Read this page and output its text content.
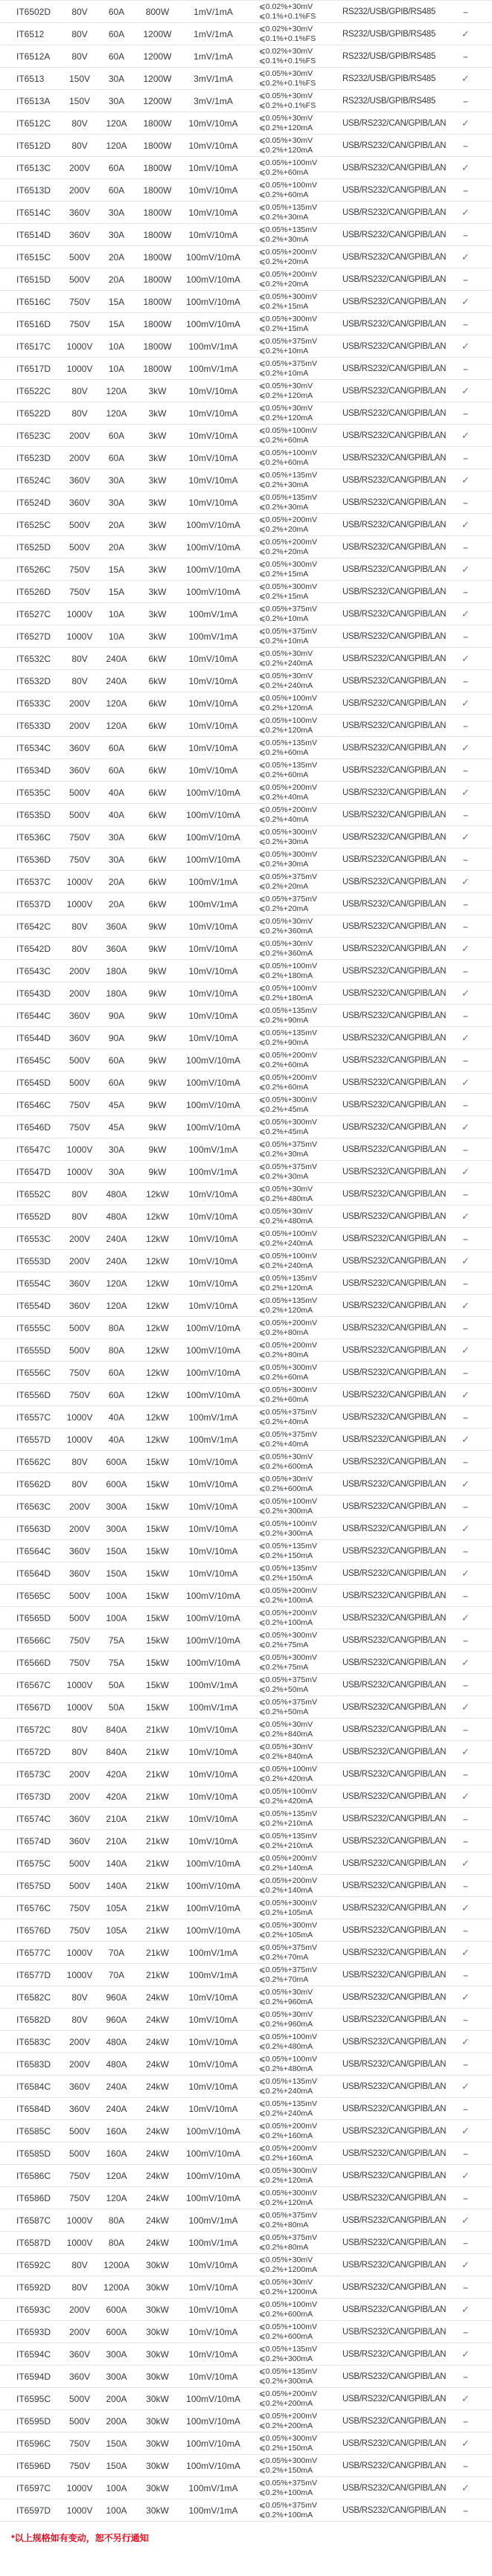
IT6502D	80V	60A	800W	1mV/1mA	⩽0.02%+30mV
⩽0.1%+0.1%FS	RS232/USB/GPIB/RS485	–
IT6512	80V	60A	1200W	1mV/1mA	⩽0.02%+30mV
⩽0.1%+0.1%FS	RS232/USB/GPIB/RS485	✓
IT6512A	80V	60A	1200W	1mV/1mA	⩽0.02%+30mV
⩽0.1%+0.1%FS	RS232/USB/GPIB/RS485	–
IT6513	150V	30A	1200W	3mV/1mA	⩽0.05%+30mV
⩽0.2%+0.1%FS	RS232/USB/GPIB/RS485	✓
IT6513A	150V	30A	1200W	3mV/1mA	⩽0.05%+30mV
⩽0.2%+0.1%FS	RS232/USB/GPIB/RS485	–
IT6512C	80V	120A	1800W	10mV/10mA	⩽0.05%+30mV
⩽0.2%+120mA	USB/RS232/CAN/GPIB/LAN	✓
IT6512D	80V	120A	1800W	10mV/10mA	⩽0.05%+30mV
⩽0.2%+120mA	USB/RS232/CAN/GPIB/LAN	–
IT6513C	200V	60A	1800W	10mV/10mA	⩽0.05%+100mV
⩽0.2%+60mA	USB/RS232/CAN/GPIB/LAN	✓
IT6513D	200V	60A	1800W	10mV/10mA	⩽0.05%+100mV
⩽0.2%+60mA	USB/RS232/CAN/GPIB/LAN	–
IT6514C	360V	30A	1800W	10mV/10mA	⩽0.05%+135mV
⩽0.2%+30mA	USB/RS232/CAN/GPIB/LAN	✓
IT6514D	360V	30A	1800W	10mV/10mA	⩽0.05%+135mV
⩽0.2%+30mA	USB/RS232/CAN/GPIB/LAN	–
IT6515C	500V	20A	1800W	100mV/10mA	⩽0.05%+200mV
⩽0.2%+20mA	USB/RS232/CAN/GPIB/LAN	✓
IT6515D	500V	20A	1800W	100mV/10mA	⩽0.05%+200mV
⩽0.2%+20mA	USB/RS232/CAN/GPIB/LAN	–
IT6516C	750V	15A	1800W	100mV/10mA	⩽0.05%+300mV
⩽0.2%+15mA	USB/RS232/CAN/GPIB/LAN	✓
IT6516D	750V	15A	1800W	100mV/10mA	⩽0.05%+300mV
⩽0.2%+15mA	USB/RS232/CAN/GPIB/LAN	–
IT6517C	1000V	10A	1800W	100mV/1mA	⩽0.05%+375mV
⩽0.2%+10mA	USB/RS232/CAN/GPIB/LAN	✓
IT6517D	1000V	10A	1800W	100mV/1mA	⩽0.05%+375mV
⩽0.2%+10mA	USB/RS232/CAN/GPIB/LAN	–
IT6522C	80V	120A	3kW	10mV/10mA	⩽0.05%+30mV
⩽0.2%+120mA	USB/RS232/CAN/GPIB/LAN	✓
IT6522D	80V	120A	3kW	10mV/10mA	⩽0.05%+30mV
⩽0.2%+120mA	USB/RS232/CAN/GPIB/LAN	–
IT6523C	200V	60A	3kW	10mV/10mA	⩽0.05%+100mV
⩽0.2%+60mA	USB/RS232/CAN/GPIB/LAN	✓
IT6523D	200V	60A	3kW	10mV/10mA	⩽0.05%+100mV
⩽0.2%+60mA	USB/RS232/CAN/GPIB/LAN	–
IT6524C	360V	30A	3kW	10mV/10mA	⩽0.05%+135mV
⩽0.2%+30mA	USB/RS232/CAN/GPIB/LAN	✓
IT6524D	360V	30A	3kW	10mV/10mA	⩽0.05%+135mV
⩽0.2%+30mA	USB/RS232/CAN/GPIB/LAN	–
IT6525C	500V	20A	3kW	100mV/10mA	⩽0.05%+200mV
⩽0.2%+20mA	USB/RS232/CAN/GPIB/LAN	✓
IT6525D	500V	20A	3kW	100mV/10mA	⩽0.05%+200mV
⩽0.2%+20mA	USB/RS232/CAN/GPIB/LAN	–
IT6526C	750V	15A	3kW	100mV/10mA	⩽0.05%+300mV
⩽0.2%+15mA	USB/RS232/CAN/GPIB/LAN	✓
IT6526D	750V	15A	3kW	100mV/10mA	⩽0.05%+300mV
⩽0.2%+15mA	USB/RS232/CAN/GPIB/LAN	–
IT6527C	1000V	10A	3kW	100mV/1mA	⩽0.05%+375mV
⩽0.2%+10mA	USB/RS232/CAN/GPIB/LAN	✓
IT6527D	1000V	10A	3kW	100mV/1mA	⩽0.05%+375mV
⩽0.2%+10mA	USB/RS232/CAN/GPIB/LAN	–
IT6532C	80V	240A	6kW	10mV/10mA	⩽0.05%+30mV
⩽0.2%+240mA	USB/RS232/CAN/GPIB/LAN	✓
IT6532D	80V	240A	6kW	10mV/10mA	⩽0.05%+30mV
⩽0.2%+240mA	USB/RS232/CAN/GPIB/LAN	–
IT6533C	200V	120A	6kW	10mV/10mA	⩽0.05%+100mV
⩽0.2%+120mA	USB/RS232/CAN/GPIB/LAN	✓
IT6533D	200V	120A	6kW	10mV/10mA	⩽0.05%+100mV
⩽0.2%+120mA	USB/RS232/CAN/GPIB/LAN	–
IT6534C	360V	60A	6kW	10mV/10mA	⩽0.05%+135mV
⩽0.2%+60mA	USB/RS232/CAN/GPIB/LAN	✓
IT6534D	360V	60A	6kW	10mV/10mA	⩽0.05%+135mV
⩽0.2%+60mA	USB/RS232/CAN/GPIB/LAN	–
IT6535C	500V	40A	6kW	100mV/10mA	⩽0.05%+200mV
⩽0.2%+40mA	USB/RS232/CAN/GPIB/LAN	✓
IT6535D	500V	40A	6kW	100mV/10mA	⩽0.05%+200mV
⩽0.2%+40mA	USB/RS232/CAN/GPIB/LAN	–
IT6536C	750V	30A	6kW	100mV/10mA	⩽0.05%+300mV
⩽0.2%+30mA	USB/RS232/CAN/GPIB/LAN	✓
IT6536D	750V	30A	6kW	100mV/10mA	⩽0.05%+300mV
⩽0.2%+30mA	USB/RS232/CAN/GPIB/LAN	–
IT6537C	1000V	20A	6kW	100mV/1mA	⩽0.05%+375mV
⩽0.2%+20mA	USB/RS232/CAN/GPIB/LAN	✓
IT6537D	1000V	20A	6kW	100mV/1mA	⩽0.05%+375mV
⩽0.2%+20mA	USB/RS232/CAN/GPIB/LAN	–
IT6542C	80V	360A	9kW	10mV/10mA	⩽0.05%+30mV
⩽0.2%+360mA	USB/RS232/CAN/GPIB/LAN	–
IT6542D	80V	360A	9kW	10mV/10mA	⩽0.05%+30mV
⩽0.2%+360mA	USB/RS232/CAN/GPIB/LAN	✓
IT6543C	200V	180A	9kW	10mV/10mA	⩽0.05%+100mV
⩽0.2%+180mA	USB/RS232/CAN/GPIB/LAN	–
IT6543D	200V	180A	9kW	10mV/10mA	⩽0.05%+100mV
⩽0.2%+180mA	USB/RS232/CAN/GPIB/LAN	✓
IT6544C	360V	90A	9kW	10mV/10mA	⩽0.05%+135mV
⩽0.2%+90mA	USB/RS232/CAN/GPIB/LAN	–
IT6544D	360V	90A	9kW	10mV/10mA	⩽0.05%+135mV
⩽0.2%+90mA	USB/RS232/CAN/GPIB/LAN	✓
IT6545C	500V	60A	9kW	100mV/10mA	⩽0.05%+200mV
⩽0.2%+60mA	USB/RS232/CAN/GPIB/LAN	–
IT6545D	500V	60A	9kW	100mV/10mA	⩽0.05%+200mV
⩽0.2%+60mA	USB/RS232/CAN/GPIB/LAN	✓
IT6546C	750V	45A	9kW	100mV/10mA	⩽0.05%+300mV
⩽0.2%+45mA	USB/RS232/CAN/GPIB/LAN	–
IT6546D	750V	45A	9kW	100mV/10mA	⩽0.05%+300mV
⩽0.2%+45mA	USB/RS232/CAN/GPIB/LAN	✓
IT6547C	1000V	30A	9kW	100mV/1mA	⩽0.05%+375mV
⩽0.2%+30mA	USB/RS232/CAN/GPIB/LAN	–
IT6547D	1000V	30A	9kW	100mV/1mA	⩽0.05%+375mV
⩽0.2%+30mA	USB/RS232/CAN/GPIB/LAN	✓
IT6552C	80V	480A	12kW	10mV/10mA	⩽0.05%+30mV
⩽0.2%+480mA	USB/RS232/CAN/GPIB/LAN	–
IT6552D	80V	480A	12kW	10mV/10mA	⩽0.05%+30mV
⩽0.2%+480mA	USB/RS232/CAN/GPIB/LAN	✓
IT6553C	200V	240A	12kW	10mV/10mA	⩽0.05%+100mV
⩽0.2%+240mA	USB/RS232/CAN/GPIB/LAN	–
IT6553D	200V	240A	12kW	10mV/10mA	⩽0.05%+100mV
⩽0.2%+240mA	USB/RS232/CAN/GPIB/LAN	✓
IT6554C	360V	120A	12kW	10mV/10mA	⩽0.05%+135mV
⩽0.2%+120mA	USB/RS232/CAN/GPIB/LAN	–
IT6554D	360V	120A	12kW	10mV/10mA	⩽0.05%+135mV
⩽0.2%+120mA	USB/RS232/CAN/GPIB/LAN	✓
IT6555C	500V	80A	12kW	100mV/10mA	⩽0.05%+200mV
⩽0.2%+80mA	USB/RS232/CAN/GPIB/LAN	–
IT6555D	500V	80A	12kW	100mV/10mA	⩽0.05%+200mV
⩽0.2%+80mA	USB/RS232/CAN/GPIB/LAN	✓
IT6556C	750V	60A	12kW	100mV/10mA	⩽0.05%+300mV
⩽0.2%+60mA	USB/RS232/CAN/GPIB/LAN	–
IT6556D	750V	60A	12kW	100mV/10mA	⩽0.05%+300mV
⩽0.2%+60mA	USB/RS232/CAN/GPIB/LAN	✓
IT6557C	1000V	40A	12kW	100mV/1mA	⩽0.05%+375mV
⩽0.2%+40mA	USB/RS232/CAN/GPIB/LAN	–
IT6557D	1000V	40A	12kW	100mV/1mA	⩽0.05%+375mV
⩽0.2%+40mA	USB/RS232/CAN/GPIB/LAN	✓
IT6562C	80V	600A	15kW	10mV/10mA	⩽0.05%+30mV
⩽0.2%+600mA	USB/RS232/CAN/GPIB/LAN	–
IT6562D	80V	600A	15kW	10mV/10mA	⩽0.05%+30mV
⩽0.2%+600mA	USB/RS232/CAN/GPIB/LAN	✓
IT6563C	200V	300A	15kW	10mV/10mA	⩽0.05%+100mV
⩽0.2%+300mA	USB/RS232/CAN/GPIB/LAN	–
IT6563D	200V	300A	15kW	10mV/10mA	⩽0.05%+100mV
⩽0.2%+300mA	USB/RS232/CAN/GPIB/LAN	✓
IT6564C	360V	150A	15kW	10mV/10mA	⩽0.05%+135mV
⩽0.2%+150mA	USB/RS232/CAN/GPIB/LAN	–
IT6564D	360V	150A	15kW	10mV/10mA	⩽0.05%+135mV
⩽0.2%+150mA	USB/RS232/CAN/GPIB/LAN	✓
IT6565C	500V	100A	15kW	100mV/10mA	⩽0.05%+200mV
⩽0.2%+100mA	USB/RS232/CAN/GPIB/LAN	–
IT6565D	500V	100A	15kW	100mV/10mA	⩽0.05%+200mV
⩽0.2%+100mA	USB/RS232/CAN/GPIB/LAN	✓
IT6566C	750V	75A	15kW	100mV/10mA	⩽0.05%+300mV
⩽0.2%+75mA	USB/RS232/CAN/GPIB/LAN	–
IT6566D	750V	75A	15kW	100mV/10mA	⩽0.05%+300mV
⩽0.2%+75mA	USB/RS232/CAN/GPIB/LAN	✓
IT6567C	1000V	50A	15kW	100mV/1mA	⩽0.05%+375mV
⩽0.2%+50mA	USB/RS232/CAN/GPIB/LAN	–
IT6567D	1000V	50A	15kW	100mV/1mA	⩽0.05%+375mV
⩽0.2%+50mA	USB/RS232/CAN/GPIB/LAN	✓
IT6572C	80V	840A	21kW	10mV/10mA	⩽0.05%+30mV
⩽0.2%+840mA	USB/RS232/CAN/GPIB/LAN	–
IT6572D	80V	840A	21kW	10mV/10mA	⩽0.05%+30mV
⩽0.2%+840mA	USB/RS232/CAN/GPIB/LAN	✓
IT6573C	200V	420A	21kW	10mV/10mA	⩽0.05%+100mV
⩽0.2%+420mA	USB/RS232/CAN/GPIB/LAN	–
IT6573D	200V	420A	21kW	10mV/10mA	⩽0.05%+100mV
⩽0.2%+420mA	USB/RS232/CAN/GPIB/LAN	✓
IT6574C	360V	210A	21kW	10mV/10mA	⩽0.05%+135mV
⩽0.2%+210mA	USB/RS232/CAN/GPIB/LAN	–
IT6574D	360V	210A	21kW	10mV/10mA	⩽0.05%+135mV
⩽0.2%+210mA	USB/RS232/CAN/GPIB/LAN	–
IT6575C	500V	140A	21kW	100mV/10mA	⩽0.05%+200mV
⩽0.2%+140mA	USB/RS232/CAN/GPIB/LAN	✓
IT6575D	500V	140A	21kW	100mV/10mA	⩽0.05%+200mV
⩽0.2%+140mA	USB/RS232/CAN/GPIB/LAN	–
IT6576C	750V	105A	21kW	100mV/10mA	⩽0.05%+300mV
⩽0.2%+105mA	USB/RS232/CAN/GPIB/LAN	✓
IT6576D	750V	105A	21kW	100mV/10mA	⩽0.05%+300mV
⩽0.2%+105mA	USB/RS232/CAN/GPIB/LAN	–
IT6577C	1000V	70A	21kW	100mV/1mA	⩽0.05%+375mV
⩽0.2%+70mA	USB/RS232/CAN/GPIB/LAN	✓
IT6577D	1000V	70A	21kW	100mV/1mA	⩽0.05%+375mV
⩽0.2%+70mA	USB/RS232/CAN/GPIB/LAN	–
IT6582C	80V	960A	24kW	10mV/10mA	⩽0.05%+30mV
⩽0.2%+960mA	USB/RS232/CAN/GPIB/LAN	✓
IT6582D	80V	960A	24kW	10mV/10mA	⩽0.05%+30mV
⩽0.2%+960mA	USB/RS232/CAN/GPIB/LAN	–
IT6583C	200V	480A	24kW	10mV/10mA	⩽0.05%+100mV
⩽0.2%+480mA	USB/RS232/CAN/GPIB/LAN	✓
IT6583D	200V	480A	24kW	10mV/10mA	⩽0.05%+100mV
⩽0.2%+480mA	USB/RS232/CAN/GPIB/LAN	–
IT6584C	360V	240A	24kW	10mV/10mA	⩽0.05%+135mV
⩽0.2%+240mA	USB/RS232/CAN/GPIB/LAN	✓
IT6584D	360V	240A	24kW	10mV/10mA	⩽0.05%+135mV
⩽0.2%+240mA	USB/RS232/CAN/GPIB/LAN	–
IT6585C	500V	160A	24kW	100mV/10mA	⩽0.05%+200mV
⩽0.2%+160mA	USB/RS232/CAN/GPIB/LAN	✓
IT6585D	500V	160A	24kW	100mV/10mA	⩽0.05%+200mV
⩽0.2%+160mA	USB/RS232/CAN/GPIB/LAN	–
IT6586C	750V	120A	24kW	100mV/10mA	⩽0.05%+300mV
⩽0.2%+120mA	USB/RS232/CAN/GPIB/LAN	✓
IT6586D	750V	120A	24kW	100mV/10mA	⩽0.05%+300mV
⩽0.2%+120mA	USB/RS232/CAN/GPIB/LAN	–
IT6587C	1000V	80A	24kW	100mV/1mA	⩽0.05%+375mV
⩽0.2%+80mA	USB/RS232/CAN/GPIB/LAN	✓
IT6587D	1000V	80A	24kW	100mV/1mA	⩽0.05%+375mV
⩽0.2%+80mA	USB/RS232/CAN/GPIB/LAN	–
IT6592C	80V	1200A	30kW	10mV/10mA	⩽0.05%+30mV
⩽0.2%+1200mA	USB/RS232/CAN/GPIB/LAN	✓
IT6592D	80V	1200A	30kW	10mV/10mA	⩽0.05%+30mV
⩽0.2%+1200mA	USB/RS232/CAN/GPIB/LAN	–
IT6593C	200V	600A	30kW	10mV/10mA	⩽0.05%+100mV
⩽0.2%+600mA	USB/RS232/CAN/GPIB/LAN	✓
IT6593D	200V	600A	30kW	10mV/10mA	⩽0.05%+100mV
⩽0.2%+600mA	USB/RS232/CAN/GPIB/LAN	–
IT6594C	360V	300A	30kW	10mV/10mA	⩽0.05%+135mV
⩽0.2%+300mA	USB/RS232/CAN/GPIB/LAN	✓
IT6594D	360V	300A	30kW	10mV/10mA	⩽0.05%+135mV
⩽0.2%+300mA	USB/RS232/CAN/GPIB/LAN	–
IT6595C	500V	200A	30kW	100mV/10mA	⩽0.05%+200mV
⩽0.2%+200mA	USB/RS232/CAN/GPIB/LAN	✓
IT6595D	500V	200A	30kW	100mV/10mA	⩽0.05%+200mV
⩽0.2%+200mA	USB/RS232/CAN/GPIB/LAN	–
IT6596C	750V	150A	30kW	100mV/10mA	⩽0.05%+300mV
⩽0.2%+150mA	USB/RS232/CAN/GPIB/LAN	✓
IT6596D	750V	150A	30kW	100mV/10mA	⩽0.05%+300mV
⩽0.2%+150mA	USB/RS232/CAN/GPIB/LAN	–
IT6597C	1000V	100A	30kW	100mV/1mA	⩽0.05%+375mV
⩽0.2%+100mA	USB/RS232/CAN/GPIB/LAN	✓
IT6597D	1000V	100A	30kW	100mV/1mA	⩽0.05%+375mV
⩽0.2%+100mA	USB/RS232/CAN/GPIB/LAN	–
*以上规格如有变动，恕不另行通知
